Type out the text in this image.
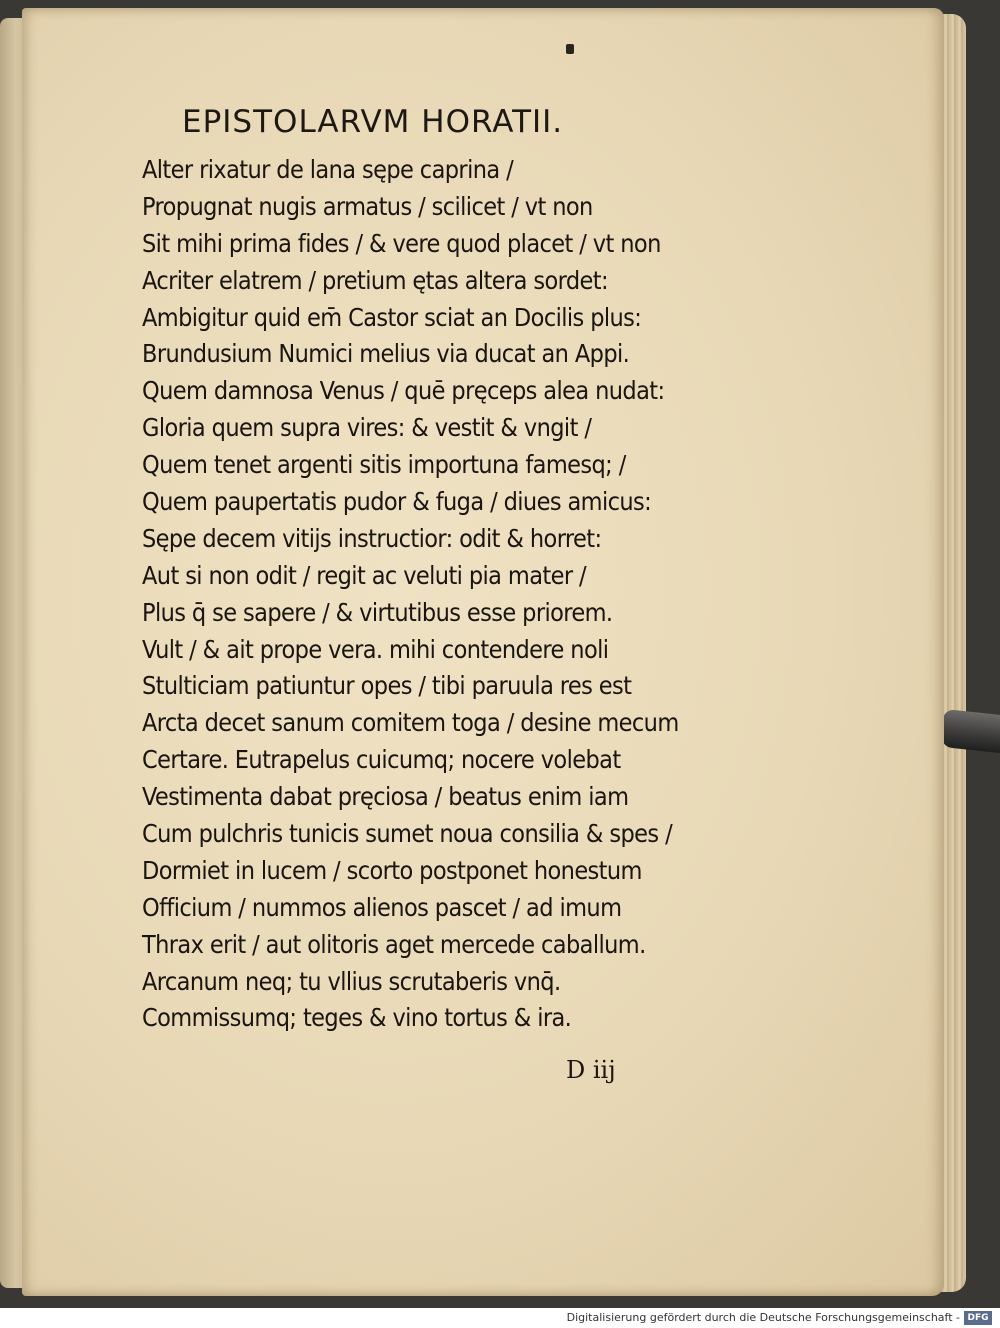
EPISTOLARVM HORATII.
Alter rixatur de lana sępe caprina /
Propugnat nugis armatus / scilicet / vt non
Sit mihi prima fides / & vere quod placet / vt non
Acriter elatrem / pretium ętas altera sordet:
Ambigitur quid em̄ Castor sciat an Docilis plus:
Brundusium Numici melius via ducat an Appi.
Quem damnosa Venus / quē pręceps alea nudat:
Gloria quem supra vires: & vestit & vngit /
Quem tenet argenti sitis importuna famesq; /
Quem paupertatis pudor & fuga / diues amicus:
Sępe decem vitijs instructior: odit & horret:
Aut si non odit / regit ac veluti pia mater /
Plus q̄ se sapere / & virtutibus esse priorem.
Vult / & ait prope vera. mihi contendere noli
Stulticiam patiuntur opes / tibi paruula res est
Arcta decet sanum comitem toga / desine mecum
Certare. Eutrapelus cuicumq; nocere volebat
Vestimenta dabat pręciosa / beatus enim iam
Cum pulchris tunicis sumet noua consilia & spes /
Dormiet in lucem / scorto postponet honestum
Officium / nummos alienos pascet / ad imum
Thrax erit / aut olitoris aget mercede caballum.
Arcanum neq; tu vllius scrutaberis vnq̄.
Commissumq; teges & vino tortus & ira.
D iij
Digitalisierung gefördert durch die Deutsche Forschungsgemeinschaft - DFG
